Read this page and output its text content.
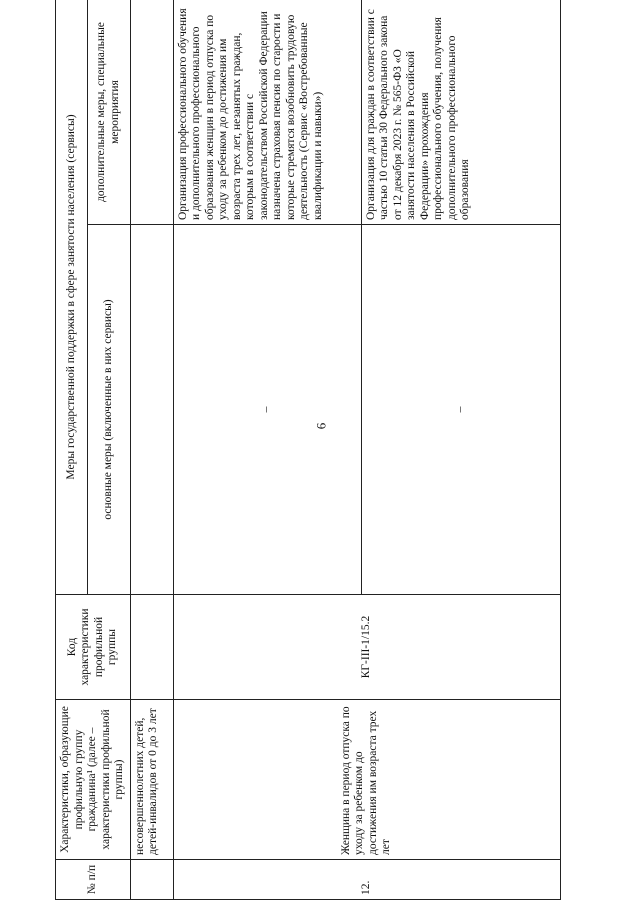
6
№ п/п	Характеристики, образующие профильную группу гражданина¹ (далее – характеристики профильной группы)	Код характеристики профильной группы	Меры государственной поддержки в сфере занятости населения (сервисы)	
			основные меры (включенные в них сервисы)	дополнительные меры, специальные мероприятия
	несовершеннолетних детей, детей-инвалидов от 0 до 3 лет			
12.	Женщина в период отпуска по уходу за ребенком до достижения им возраста трех лет	КГ-III-1/15.2	–	Организация профессионального обучения и дополнительного профессионального образования женщин в период отпуска по уходу за ребенком до достижения им возраста трех лет, незанятых граждан, которым в соответствии с законодательством Российской Федерации назначена страховая пенсия по старости и которые стремятся возобновить трудовую деятельность (Сервис «Востребованные квалификации и навыки»)
			–	Организация для граждан в соответствии с частью 10 статьи 30 Федерального закона от 12 декабря 2023 г. № 565-ФЗ «О занятости населения в Российской Федерации» прохождения профессионального обучения, получения дополнительного профессионального образования
